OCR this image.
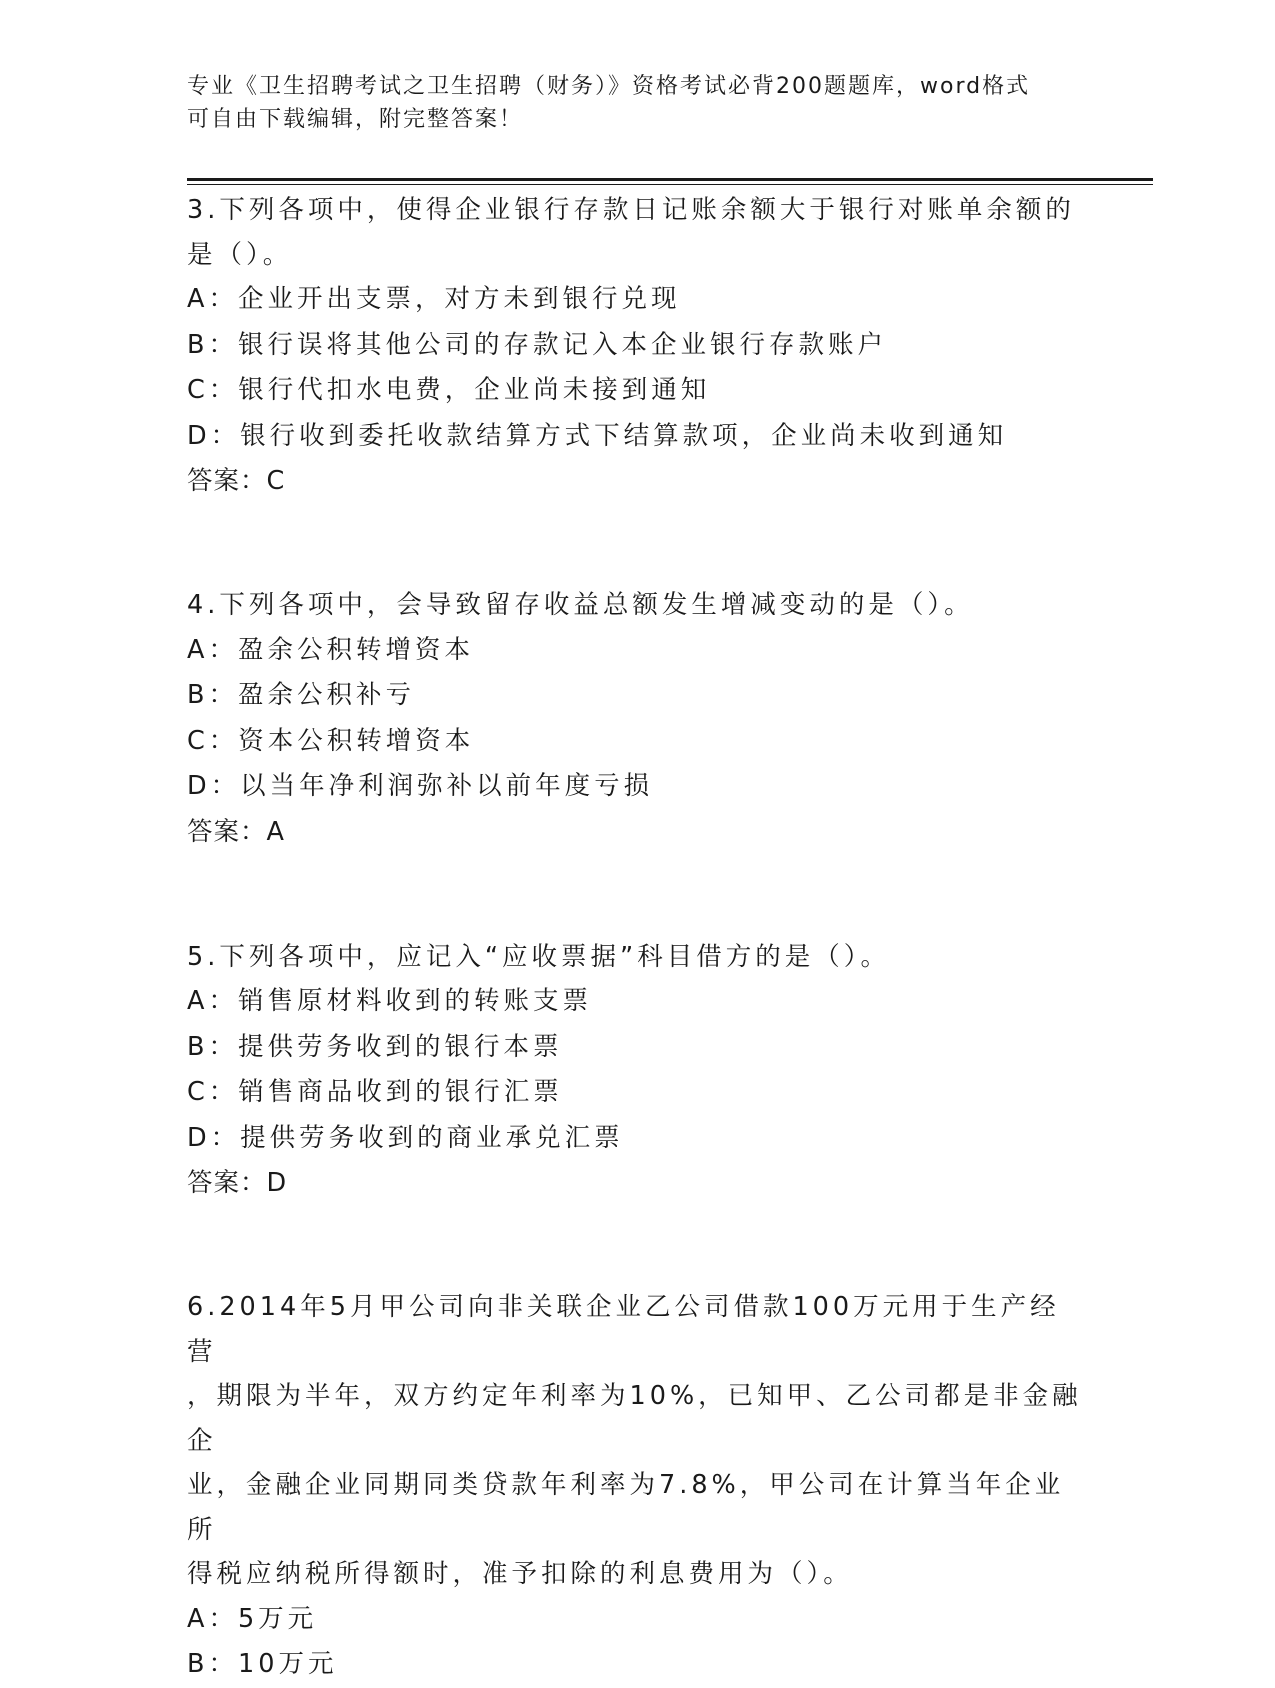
专业《卫生招聘考试之卫生招聘（财务）》资格考试必背200题题库，word格式
可自由下载编辑，附完整答案！

3.下列各项中，使得企业银行存款日记账余额大于银行对账单余额的

是（）。

A：企业开出支票，对方未到银行兑现

B：银行误将其他公司的存款记入本企业银行存款账户

C：银行代扣水电费，企业尚未接到通知

D：银行收到委托收款结算方式下结算款项，企业尚未收到通知

答案：C

4.下列各项中，会导致留存收益总额发生增减变动的是（）。

A：盈余公积转增资本

B：盈余公积补亏

C：资本公积转增资本

D：以当年净利润弥补以前年度亏损

答案：A

5.下列各项中，应记入“应收票据”科目借方的是（）。

A：销售原材料收到的转账支票

B：提供劳务收到的银行本票

C：销售商品收到的银行汇票

D：提供劳务收到的商业承兑汇票

答案：D

6.2014年5月甲公司向非关联企业乙公司借款100万元用于生产经营

，期限为半年，双方约定年利率为10%，已知甲、乙公司都是非金融企

业，金融企业同期同类贷款年利率为7.8%，甲公司在计算当年企业所

得税应纳税所得额时，准予扣除的利息费用为（）。

A：5万元

B：10万元
